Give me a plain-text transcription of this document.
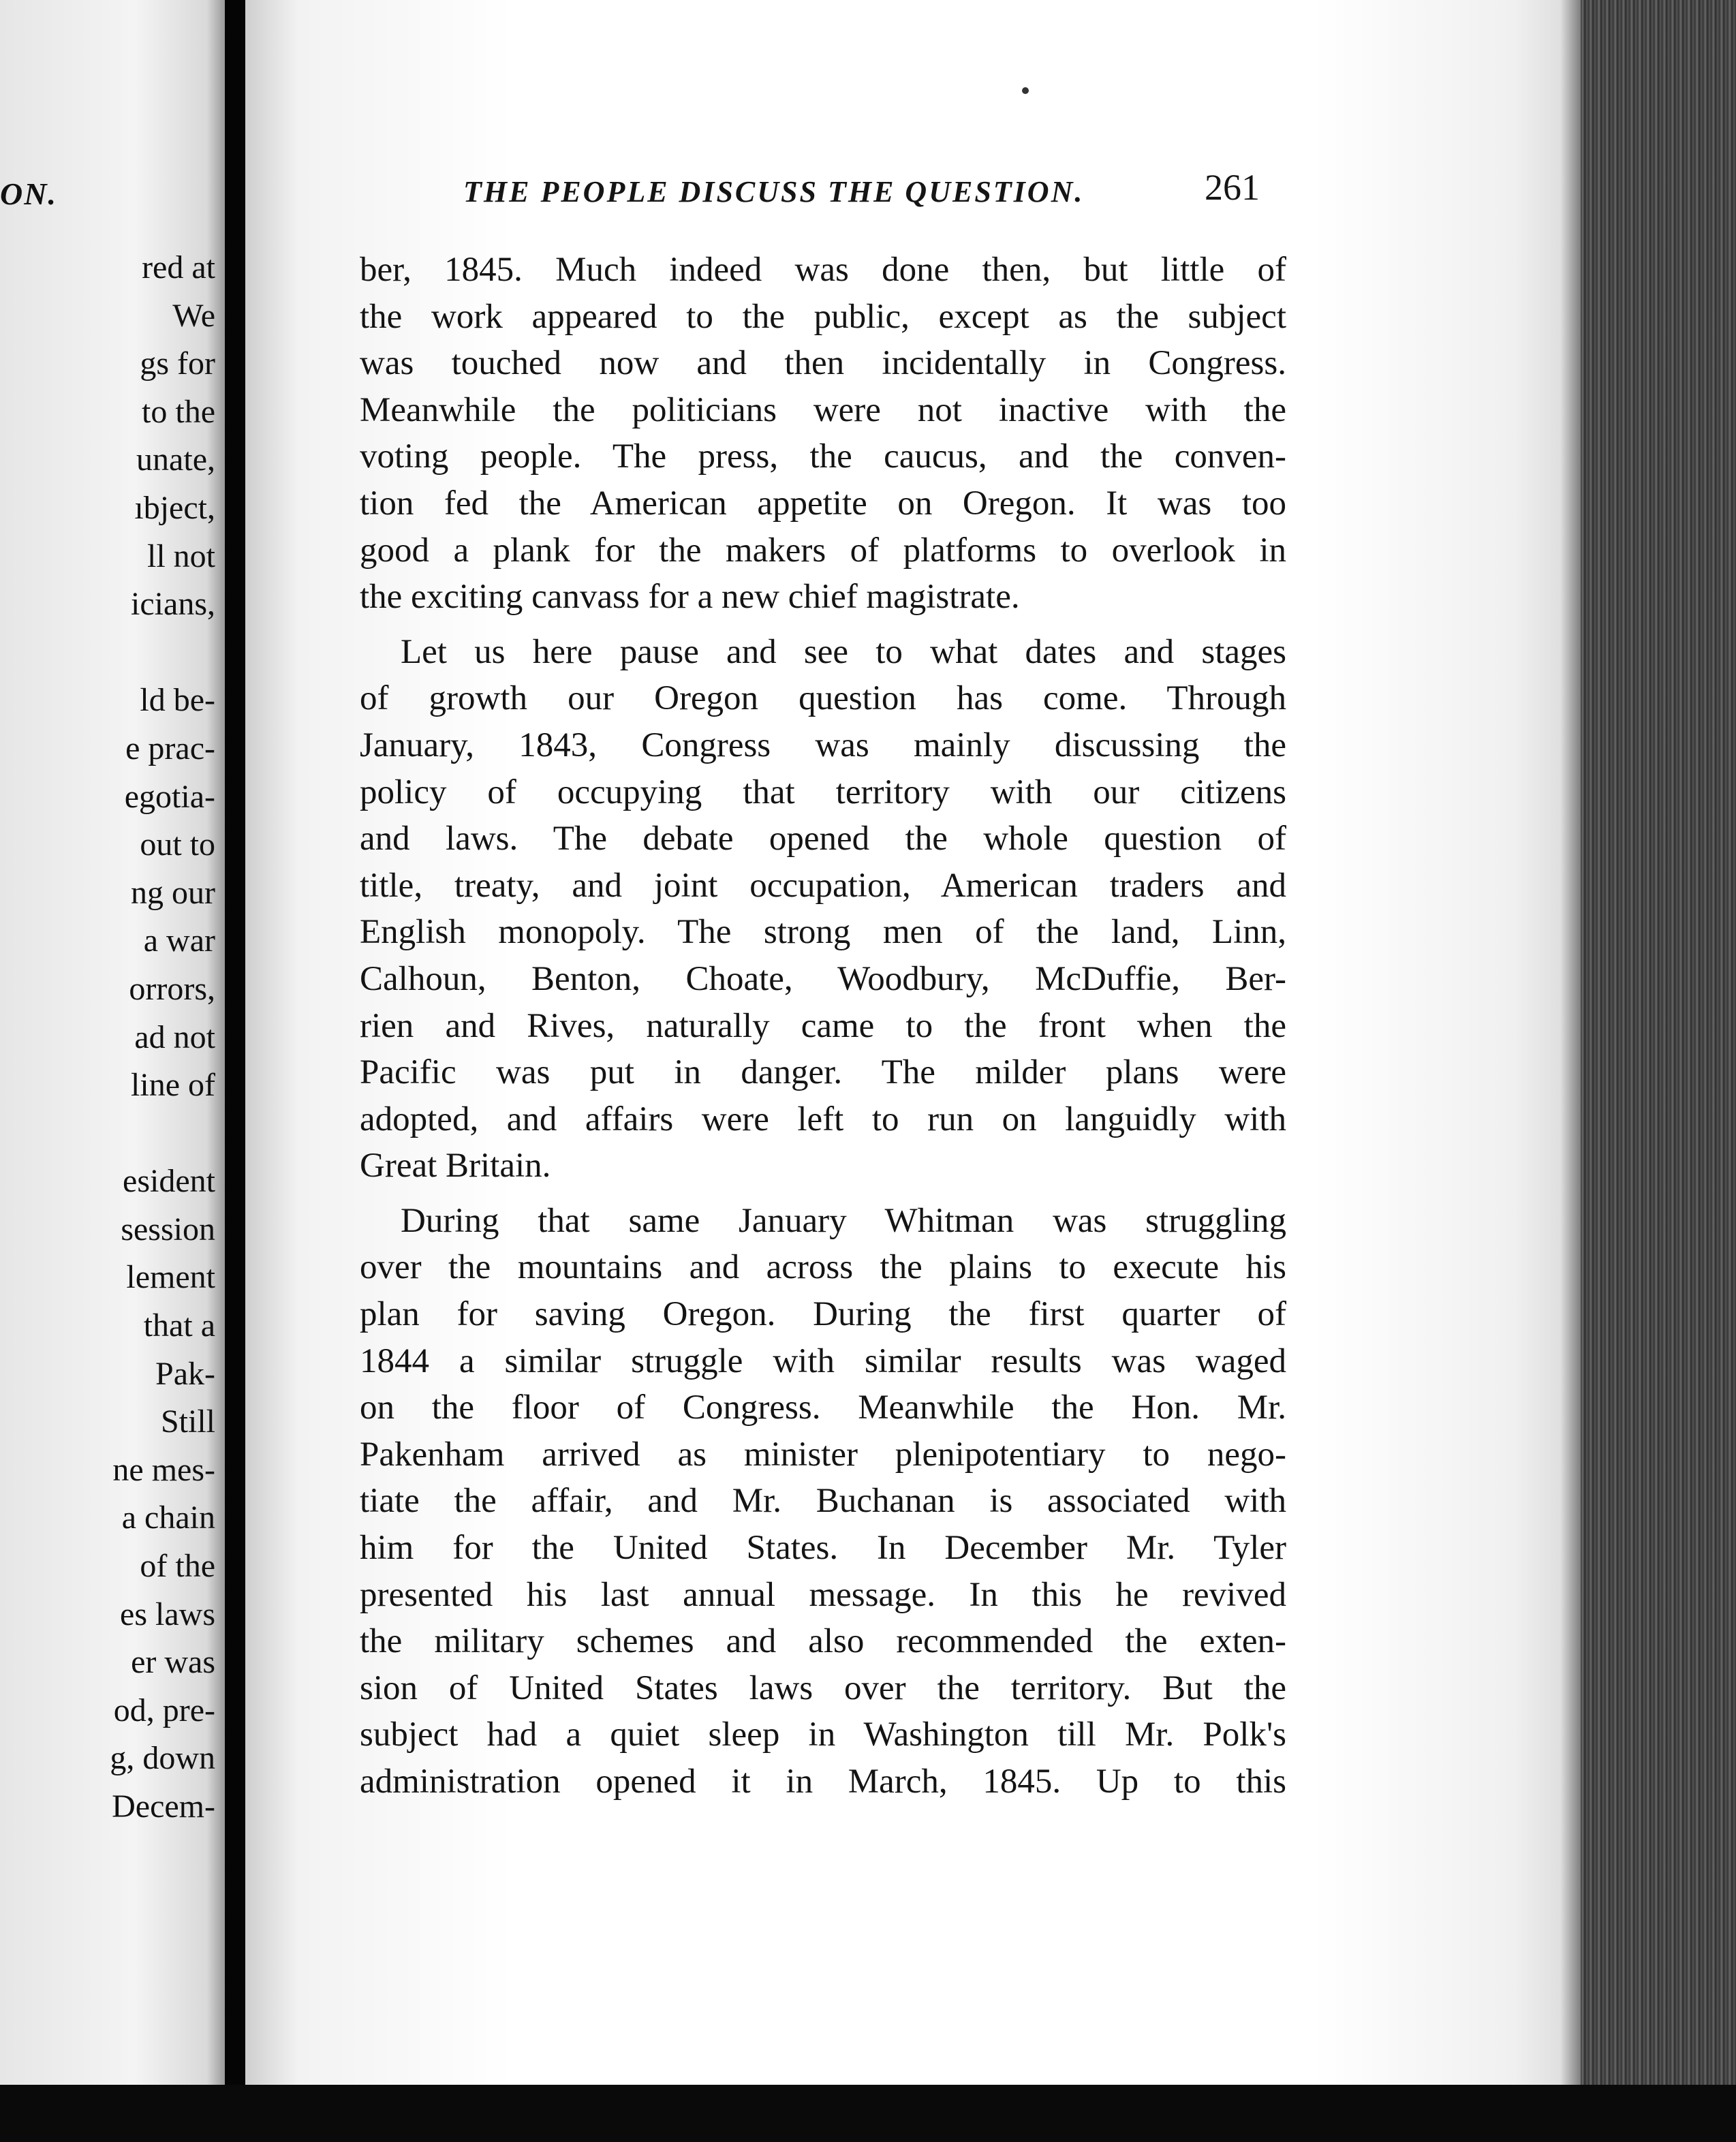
ON.
red at
We
gs for
to the
unate,
ıbject,
ll not
icians,
ld be-
e prac-
egotia-
out to
ng our
a war
orrors,
ad not
line of
esident
session
lement
that a
Pak-
Still
ne mes-
a chain
of the
es laws
er was
od, pre-
g, down
Decem-
THE PEOPLE DISCUSS THE QUESTION.	261
ber, 1845. Much indeed was done then, but little of
the work appeared to the public, except as the subject
was touched now and then incidentally in Congress.
Meanwhile the politicians were not inactive with the
voting people. The press, the caucus, and the conven-
tion fed the American appetite on Oregon. It was too
good a plank for the makers of platforms to overlook in
the exciting canvass for a new chief magistrate.
Let us here pause and see to what dates and stages
of growth our Oregon question has come. Through
January, 1843, Congress was mainly discussing the
policy of occupying that territory with our citizens
and laws. The debate opened the whole question of
title, treaty, and joint occupation, American traders and
English monopoly. The strong men of the land, Linn,
Calhoun, Benton, Choate, Woodbury, McDuffie, Ber-
rien and Rives, naturally came to the front when the
Pacific was put in danger. The milder plans were
adopted, and affairs were left to run on languidly with
Great Britain.
During that same January Whitman was struggling
over the mountains and across the plains to execute his
plan for saving Oregon. During the first quarter of
1844 a similar struggle with similar results was waged
on the floor of Congress. Meanwhile the Hon. Mr.
Pakenham arrived as minister plenipotentiary to nego-
tiate the affair, and Mr. Buchanan is associated with
him for the United States. In December Mr. Tyler
presented his last annual message. In this he revived
the military schemes and also recommended the exten-
sion of United States laws over the territory. But the
subject had a quiet sleep in Washington till Mr. Polk's
administration opened it in March, 1845. Up to this
